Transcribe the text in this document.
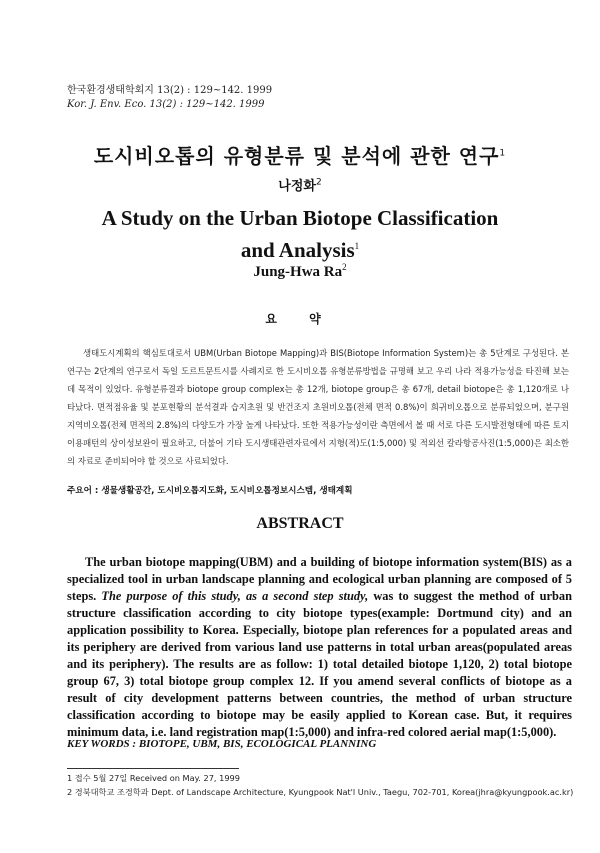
한국환경생태학회지 13(2) : 129~142. 1999
Kor. J. Env. Eco. 13(2) : 129~142. 1999
도시비오톱의 유형분류 및 분석에 관한 연구$^1$
나정화$^2$
A Study on the Urban Biotope Classification
and Analysis$^1$
Jung-Hwa Ra$^2$
요 약

생태도시계획의 핵심토대로서 UBM(Urban Biotope Mapping)과 BIS(Biotope Information System)는 총 5단계로 구성된다. 본 연구는 2단계의 연구로서 독일 도르트문트시를 사례지로 한 도시비오톱 유형분류방법을 규명해 보고 우리 나라 적용가능성을 타진해 보는 데 목적이 있었다. 유형분류결과 biotope group complex는 총 12개, biotope group은 총 67개, detail biotope은 총 1,120개로 나타났다. 면적점유율 및 분포현황의 분석결과 습지초원 및 반건조지 초원비오톱(전체 면적 0.8%)이 희귀비오톱으로 분류되었으며, 분구원지역비오톱(전체 면적의 2.8%)의 다양도가 가장 높게 나타났다. 또한 적용가능성이란 측면에서 볼 때 서로 다른 도시발전형태에 따른 토지이용패턴의 상이성보완이 필요하고, 더불어 기타 도시생태관련자료에서 지형(적)도(1:5,000) 및 적외선 칼라항공사진(1:5,000)은 최소한의 자료로 준비되어야 할 것으로 사료되었다.

주요어 : 생물생활공간, 도시비오톱지도화, 도시비오톱정보시스템, 생태계획
ABSTRACT

The urban biotope mapping(UBM) and a building of biotope information system(BIS) as a specialized tool in urban landscape planning and ecological urban planning are composed of 5 steps. The purpose of this study, as a second step study, was to suggest the method of urban structure classification according to city biotope types(example: Dortmund city) and an application possibility to Korea. Especially, biotope plan references for a populated areas and its periphery are derived from various land use patterns in total urban areas(populated areas and its periphery). The results are as follow: 1) total detailed biotope 1,120, 2) total biotope group 67, 3) total biotope group complex 12. If you amend several conflicts of biotope as a result of city development patterns between countries, the method of urban structure classification according to biotope may be easily applied to Korean case. But, it requires minimum data, i.e. land registration map(1:5,000) and infra-red colored aerial map(1:5,000).

KEY WORDS : BIOTOPE, UBM, BIS, ECOLOGICAL PLANNING
1 접수 5월 27일 Received on May. 27, 1999
2 경북대학교 조경학과 Dept. of Landscape Architecture, Kyungpook Nat'l Univ., Taegu, 702-701, Korea(jhra@kyungpook.ac.kr)
